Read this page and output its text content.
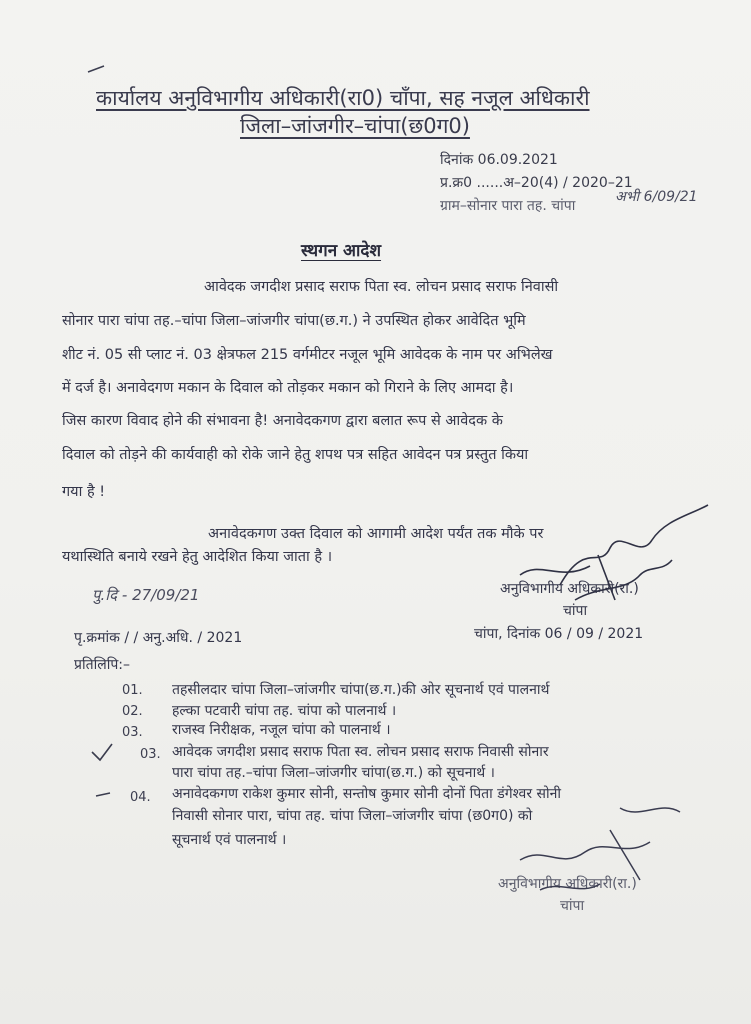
कार्यालय अनुविभागीय अधिकारी(रा0) चाँपा, सह नजूल अधिकारी
जिला–जांजगीर–चांपा(छ0ग0)
दिनांक 06.09.2021
प्र.क्र0 ......अ–20(4) / 2020–21
ग्राम–सोनार पारा तह. चांपा
अभी 6/09/21
स्थगन आदेश
आवेदक जगदीश प्रसाद सराफ पिता स्व. लोचन प्रसाद सराफ निवासी
सोनार पारा चांपा तह.–चांपा जिला–जांजगीर चांपा(छ.ग.) ने उपस्थित होकर आवेदित भूमि
शीट नं. 05 सी प्लाट नं. 03 क्षेत्रफल 215 वर्गमीटर नजूल भूमि आवेदक के नाम पर अभिलेख
में दर्ज है। अनावेदगण मकान के दिवाल को तोड़कर मकान को गिराने के लिए आमदा है।
जिस कारण विवाद होने की संभावना है! अनावेदकगण द्वारा बलात रूप से आवेदक के
दिवाल को तोड़ने की कार्यवाही को रोके जाने हेतु शपथ पत्र सहित आवेदन पत्र प्रस्तुत किया
गया है !
अनावेदकगण उक्त दिवाल को आगामी आदेश पर्यंत तक मौके पर
यथास्थिति बनाये रखने हेतु आदेशित किया जाता है ।
पु.दि - 27/09/21	अनुविभागीय अधिकारी(रा.)
चांपा
पृ.क्रमांक / / अनु.अधि. / 2021	चांपा, दिनांक 06 / 09 / 2021
प्रतिलिपि:–
01. तहसीलदार चांपा जिला–जांजगीर चांपा(छ.ग.)की ओर सूचनार्थ एवं पालनार्थ
02. हल्का पटवारी चांपा तह. चांपा को पालनार्थ ।
03. राजस्व निरीक्षक, नजूल चांपा को पालनार्थ ।
03. आवेदक जगदीश प्रसाद सराफ पिता स्व. लोचन प्रसाद सराफ निवासी सोनार
पारा चांपा तह.–चांपा जिला–जांजगीर चांपा(छ.ग.) को सूचनार्थ ।
04. अनावेदकगण राकेश कुमार सोनी, सन्तोष कुमार सोनी दोनों पिता डंगेश्वर सोनी
निवासी सोनार पारा, चांपा तह. चांपा जिला–जांजगीर चांपा (छ0ग0) को
सूचनार्थ एवं पालनार्थ ।
अनुविभागीय अधिकारी(रा.)
चांपा
